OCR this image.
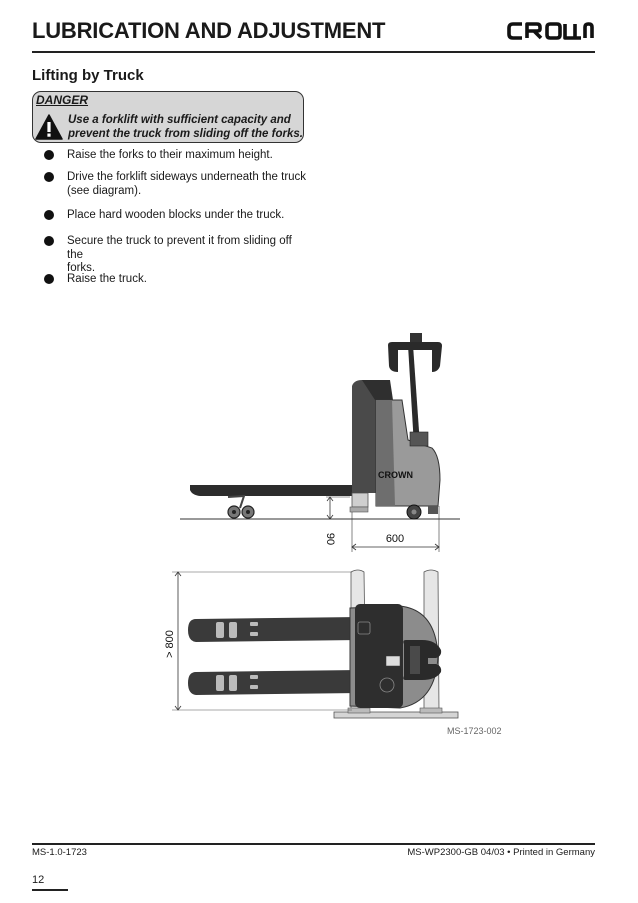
LUBRICATION AND ADJUSTMENT
Lifting by Truck
DANGER
Use a forklift with sufficient capacity and
prevent the truck from sliding off the forks.
Raise the forks to their maximum height.
Drive the forklift sideways underneath the truck
(see diagram).
Place hard wooden blocks under the truck.
Secure the truck to prevent it from sliding off the
forks.
Raise the truck.
CROWN
90	600
> 800
MS-1723-002
MS-1.0-1723	MS-WP2300-GB 04/03 • Printed in Germany
12
